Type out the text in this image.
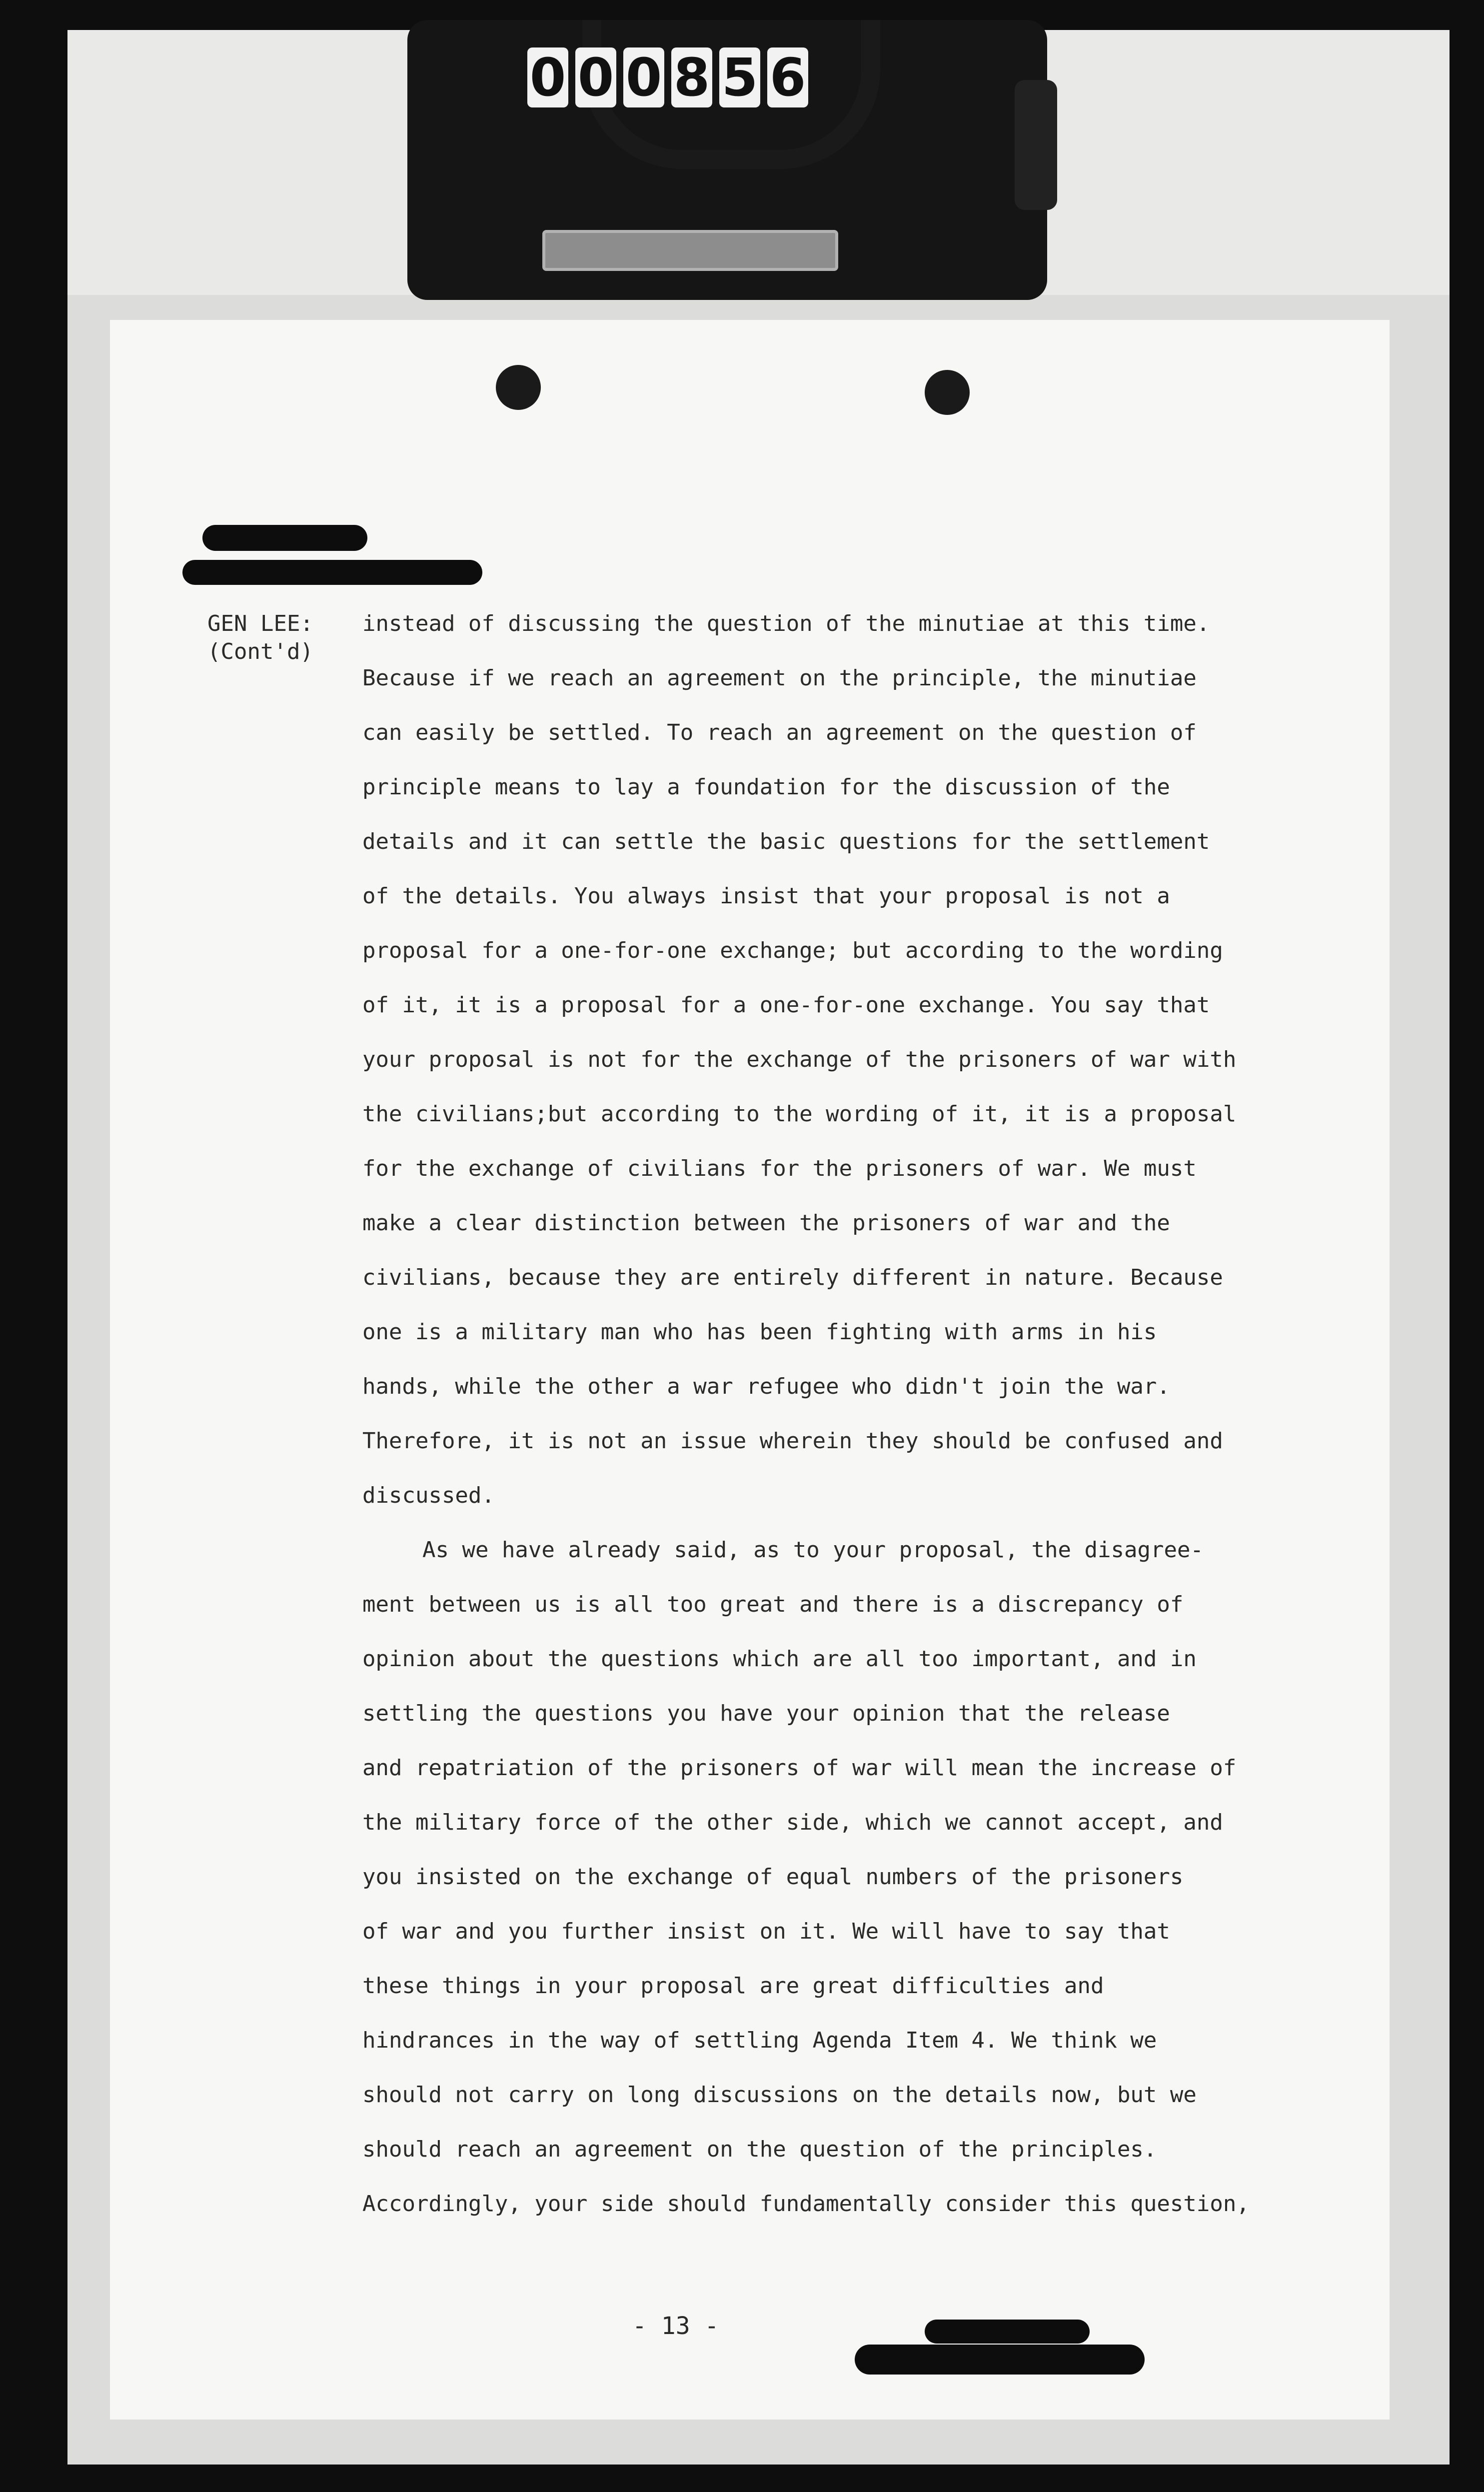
0 0 0 8 5 6
GEN LEE:
(Cont'd)
instead of discussing the question of the minutiae at this time.
Because if we reach an agreement on the principle, the minutiae
can easily be settled. To reach an agreement on the question of
principle means to lay a foundation for the discussion of the
details and it can settle the basic questions for the settlement
of the details. You always insist that your proposal is not a
proposal for a one-for-one exchange; but according to the wording
of it, it is a proposal for a one-for-one exchange. You say that
your proposal is not for the exchange of the prisoners of war with
the civilians;but according to the wording of it, it is a proposal
for the exchange of civilians for the prisoners of war. We must
make a clear distinction between the prisoners of war and the
civilians, because they are entirely different in nature. Because
one is a military man who has been fighting with arms in his
hands, while the other a war refugee who didn't join the war.
Therefore, it is not an issue wherein they should be confused and
discussed.
As we have already said, as to your proposal, the disagree-
ment between us is all too great and there is a discrepancy of
opinion about the questions which are all too important, and in
settling the questions you have your opinion that the release
and repatriation of the prisoners of war will mean the increase of
the military force of the other side, which we cannot accept, and
you insisted on the exchange of equal numbers of the prisoners
of war and you further insist on it. We will have to say that
these things in your proposal are great difficulties and
hindrances in the way of settling Agenda Item 4. We think we
should not carry on long discussions on the details now, but we
should reach an agreement on the question of the principles.
Accordingly, your side should fundamentally consider this question,
- 13 -
